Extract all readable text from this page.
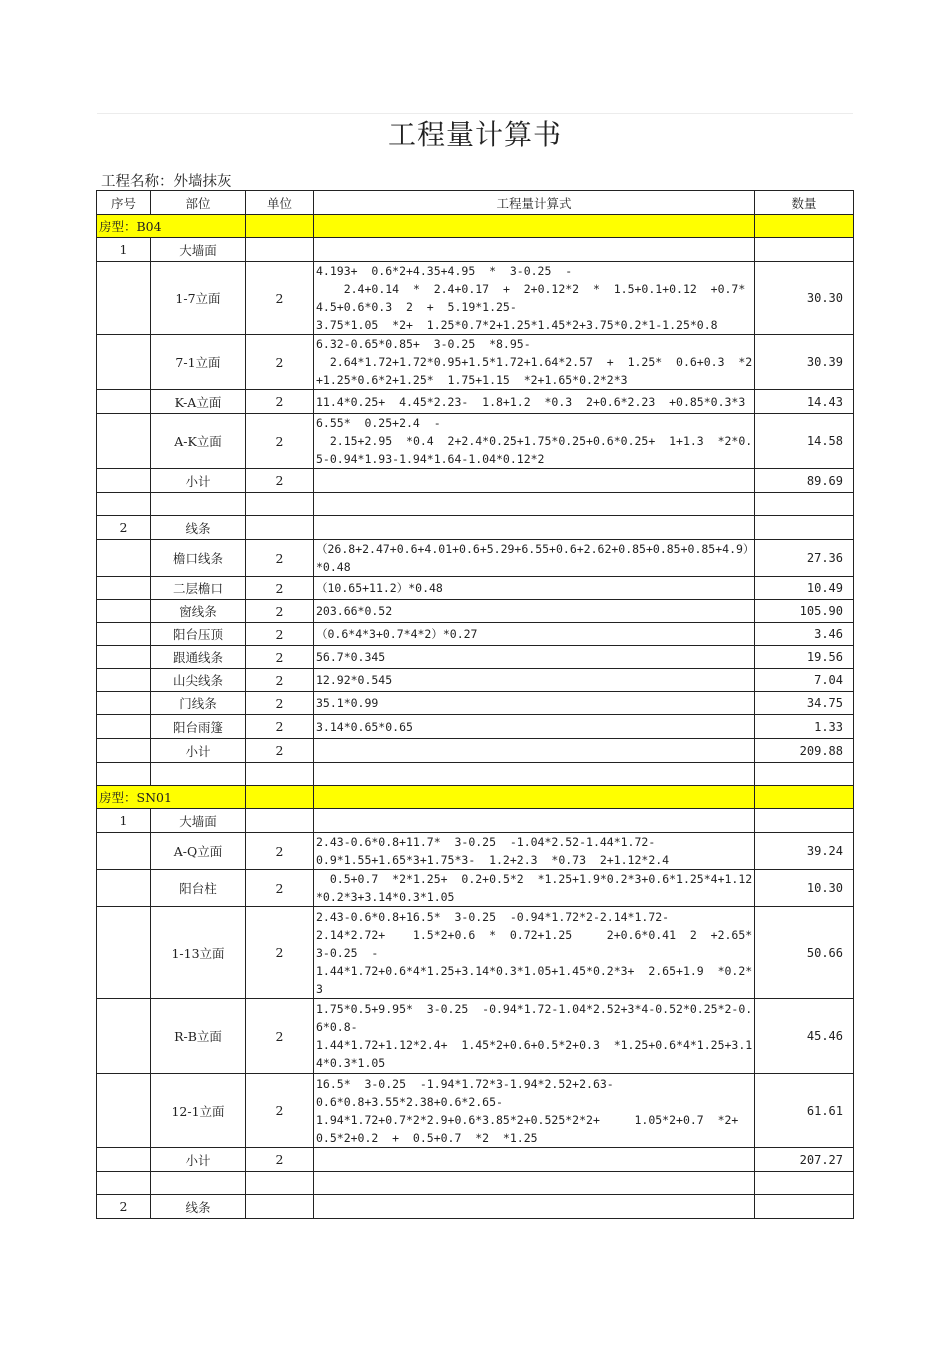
工程量计算书
工程名称：外墙抹灰
序号	部位	单位	工程量计算式	数量
房型：B04				
1	大墙面			
	1-7立面	2	4.193+  0.6*2+4.35+4.95  *  3-0.25  -
2.4+0.14  *  2.4+0.17  +  2+0.12*2  *  1.5+0.1+0.12  +0.7*4.5+0.6*0.3  2  +  5.19*1.25-
3.75*1.05  *2+  1.25*0.7*2+1.25*1.45*2+3.75*0.2*1-1.25*0.8	30.30
	7-1立面	2	6.32-0.65*0.85+  3-0.25  *8.95-
2.64*1.72+1.72*0.95+1.5*1.72+1.64*2.57  +  1.25*  0.6+0.3  *2+1.25*0.6*2+1.25*  1.75+1.15  *2+1.65*0.2*2*3	30.39
	K-A立面	2	11.4*0.25+  4.45*2.23-  1.8+1.2  *0.3  2+0.6*2.23  +0.85*0.3*3	14.43
	A-K立面	2	6.55*  0.25+2.4  -
2.15+2.95  *0.4  2+2.4*0.25+1.75*0.25+0.6*0.25+  1+1.3  *2*0.5-0.94*1.93-1.94*1.64-1.04*0.12*2	14.58
	小计	2		89.69

2	线条			
	檐口线条	2	（26.8+2.47+0.6+4.01+0.6+5.29+6.55+0.6+2.62+0.85+0.85+0.85+4.9）*0.48	27.36
	二层檐口	2	（10.65+11.2）*0.48	10.49
	窗线条	2	203.66*0.52	105.90
	阳台压顶	2	（0.6*4*3+0.7*4*2）*0.27	3.46
	跟通线条	2	56.7*0.345	19.56
	山尖线条	2	12.92*0.545	7.04
	门线条	2	35.1*0.99	34.75
	阳台雨篷	2	3.14*0.65*0.65	1.33
	小计	2		209.88

房型：SN01				
1	大墙面			
	A-Q立面	2	2.43-0.6*0.8+11.7*  3-0.25  -1.04*2.52-1.44*1.72-
0.9*1.55+1.65*3+1.75*3-  1.2+2.3  *0.73  2+1.12*2.4	39.24
	阳台柱	2	0.5+0.7  *2*1.25+  0.2+0.5*2  *1.25+1.9*0.2*3+0.6*1.25*4+1.12*0.2*3+3.14*0.3*1.05	10.30
	1-13立面	2	2.43-0.6*0.8+16.5*  3-0.25  -0.94*1.72*2-2.14*1.72-
2.14*2.72+    1.5*2+0.6  *  0.72+1.25     2+0.6*0.41  2  +2.65*  3-0.25  -
1.44*1.72+0.6*4*1.25+3.14*0.3*1.05+1.45*0.2*3+  2.65+1.9  *0.2*3	50.66
	R-B立面	2	1.75*0.5+9.95*  3-0.25  -0.94*1.72-1.04*2.52+3*4-0.52*0.25*2-0.6*0.8-
1.44*1.72+1.12*2.4+  1.45*2+0.6+0.5*2+0.3  *1.25+0.6*4*1.25+3.14*0.3*1.05	45.46
	12-1立面	2	16.5*  3-0.25  -1.94*1.72*3-1.94*2.52+2.63-
0.6*0.8+3.55*2.38+0.6*2.65-
1.94*1.72+0.7*2*2.9+0.6*3.85*2+0.525*2*2+     1.05*2+0.7  *2+  0.5*2+0.2  +  0.5+0.7  *2  *1.25	61.61
	小计	2		207.27

2	线条			
